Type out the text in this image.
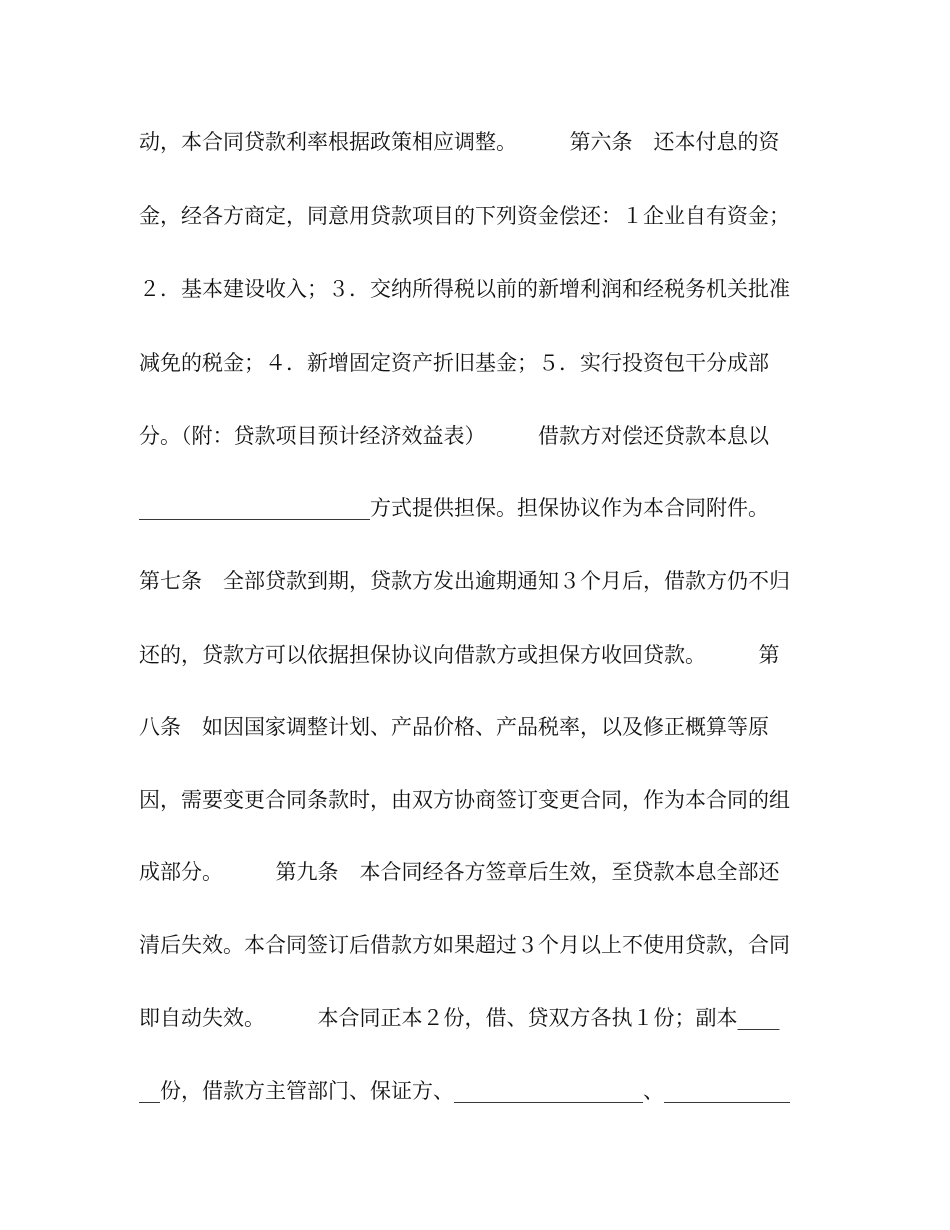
动，本合同贷款利率根据政策相应调整。　　　第六条　还本付息的资
金，经各方商定，同意用贷款项目的下列资金偿还：１企业自有资金；
２．基本建设收入；３．交纳所得税以前的新增利润和经税务机关批准
减免的税金；４．新增固定资产折旧基金；５．实行投资包干分成部
分。（附：贷款项目预计经济效益表）　　　借款方对偿还贷款本息以
______________________方式提供担保。担保协议作为本合同附件。
第七条　全部贷款到期，贷款方发出逾期通知３个月后，借款方仍不归
还的，贷款方可以依据担保协议向借款方或担保方收回贷款。　　　第
八条　如因国家调整计划、产品价格、产品税率，以及修正概算等原
因，需要变更合同条款时，由双方协商签订变更合同，作为本合同的组
成部分。　　　第九条　本合同经各方签章后生效，至贷款本息全部还
清后失效。本合同签订后借款方如果超过３个月以上不使用贷款，合同
即自动失效。　　　本合同正本２份，借、贷双方各执１份；副本____
__份，借款方主管部门、保证方、__________________、____________
